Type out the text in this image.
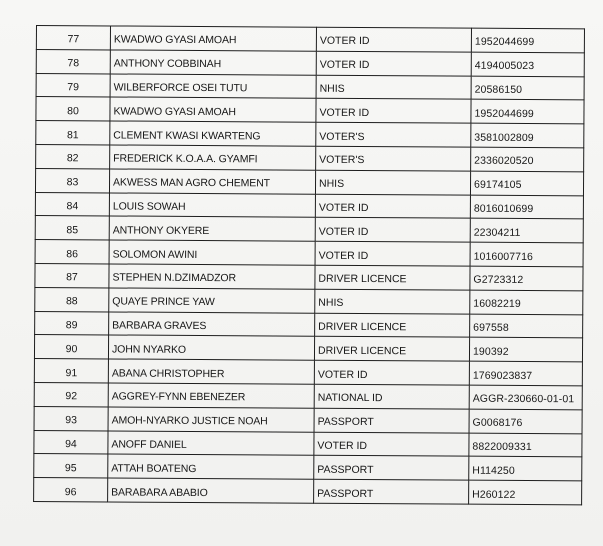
77	KWADWO GYASI AMOAH	VOTER ID	1952044699
78	ANTHONY COBBINAH	VOTER ID	4194005023
79	WILBERFORCE OSEI TUTU	NHIS	20586150
80	KWADWO GYASI AMOAH	VOTER ID	1952044699
81	CLEMENT KWASI KWARTENG	VOTER'S	3581002809
82	FREDERICK K.O.A.A. GYAMFI	VOTER'S	2336020520
83	AKWESS MAN AGRO CHEMENT	NHIS	69174105
84	LOUIS SOWAH	VOTER ID	8016010699
85	ANTHONY OKYERE	VOTER ID	22304211
86	SOLOMON AWINI	VOTER ID	1016007716
87	STEPHEN N.DZIMADZOR	DRIVER LICENCE	G2723312
88	QUAYE PRINCE YAW	NHIS	16082219
89	BARBARA GRAVES	DRIVER LICENCE	697558
90	JOHN NYARKO	DRIVER LICENCE	190392
91	ABANA CHRISTOPHER	VOTER ID	1769023837
92	AGGREY-FYNN EBENEZER	NATIONAL ID	AGGR-230660-01-01
93	AMOH-NYARKO JUSTICE NOAH	PASSPORT	G0068176
94	ANOFF DANIEL	VOTER ID	8822009331
95	ATTAH BOATENG	PASSPORT	H114250
96	BARABARA ABABIO	PASSPORT	H260122
